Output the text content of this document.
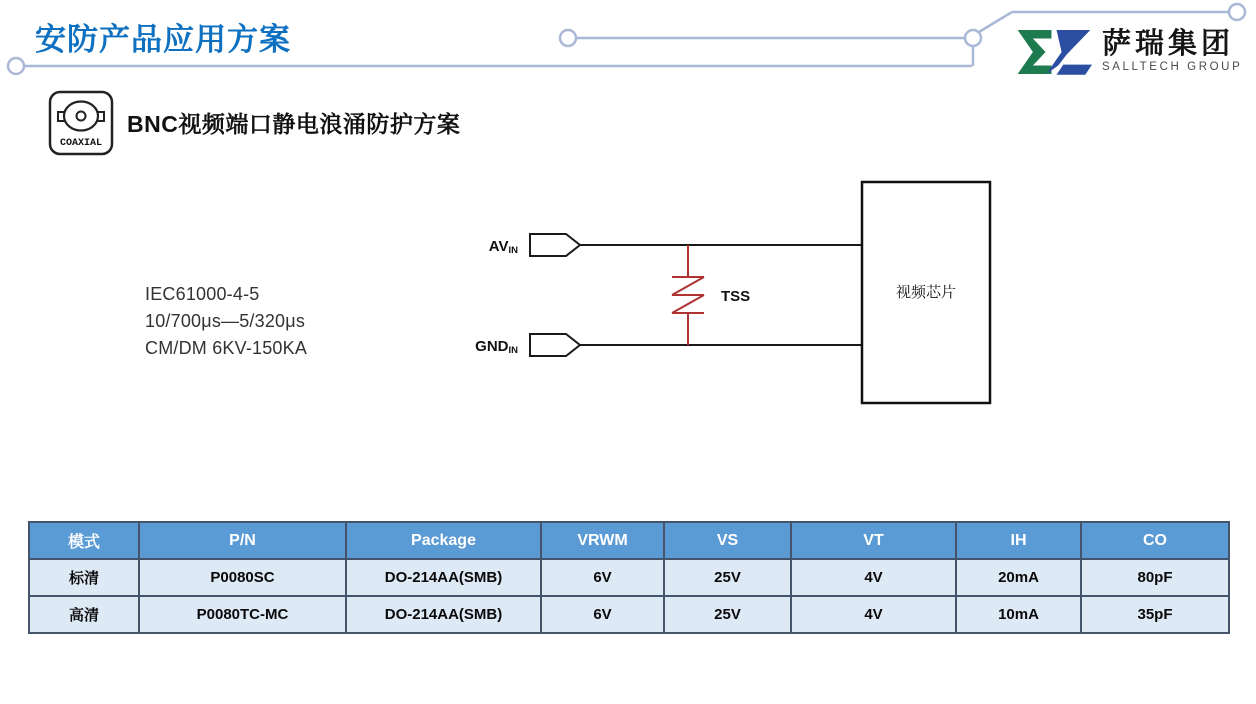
安防产品应用方案	萨瑞集团
SALLTECH GROUP
COAXIAL
BNC视频端口静电浪涌防护方案
IEC61000-4-5
10/700μs—5/320μs
CM/DM 6KV-150KA
AVIN
GNDIN
TSS	视频芯片
模式	P/N	Package	VRWM	VS	VT	IH	CO
标清	P0080SC	DO-214AA(SMB)	6V	25V	4V	20mA	80pF
高清	P0080TC-MC	DO-214AA(SMB)	6V	25V	4V	10mA	35pF
